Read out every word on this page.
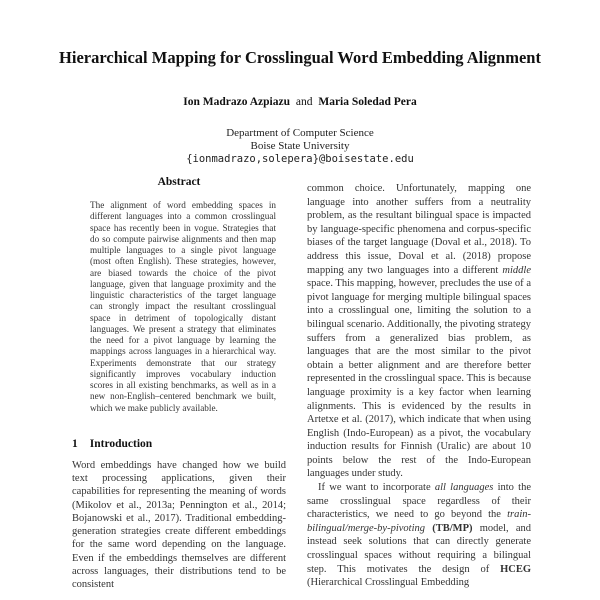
Hierarchical Mapping for Crosslingual Word Embedding Alignment
Ion Madrazo Azpiazu and Maria Soledad Pera
Department of Computer Science
Boise State University
{ionmadrazo,solepera}@boisestate.edu
Abstract

The alignment of word embedding spaces in different languages into a common crosslingual space has recently been in vogue. Strategies that do so compute pairwise alignments and then map multiple languages to a single pivot language (most often English). These strategies, however, are biased towards the choice of the pivot language, given that language proximity and the linguistic characteristics of the target language can strongly impact the resultant crosslingual space in detriment of topologically distant languages. We present a strategy that eliminates the need for a pivot language by learning the mappings across languages in a hierarchical way. Experiments demonstrate that our strategy significantly improves vocabulary induction scores in all existing benchmarks, as well as in a new non-English–centered benchmark we built, which we make publicly available.

1 Introduction
Word embeddings have changed how we build text processing applications, given their capabilities for representing the meaning of words (Mikolov et al., 2013a; Pennington et al., 2014; Bojanowski et al., 2017). Traditional embedding-generation strategies create different embeddings for the same word depending on the language. Even if the embeddings themselves are different across languages, their distributions tend to be consistent

common choice. Unfortunately, mapping one language into another suffers from a neutrality problem, as the resultant bilingual space is impacted by language-specific phenomena and corpus-specific biases of the target language (Doval et al., 2018). To address this issue, Doval et al. (2018) propose mapping any two languages into a different middle space. This mapping, however, precludes the use of a pivot language for merging multiple bilingual spaces into a crosslingual one, limiting the solution to a bilingual scenario. Additionally, the pivoting strategy suffers from a generalized bias problem, as languages that are the most similar to the pivot obtain a better alignment and are therefore better represented in the crosslingual space. This is because language proximity is a key factor when learning alignments. This is evidenced by the results in Artetxe et al. (2017), which indicate that when using English (Indo-European) as a pivot, the vocabulary induction results for Finnish (Uralic) are about 10 points below the rest of the Indo-European languages under study.

If we want to incorporate all languages into the same crosslingual space regardless of their characteristics, we need to go beyond the train-bilingual/merge-by-pivoting (TB/MP) model, and instead seek solutions that can directly generate crosslingual spaces without requiring a bilingual step. This motivates the design of HCEG (Hierarchical Crosslingual Embedding
